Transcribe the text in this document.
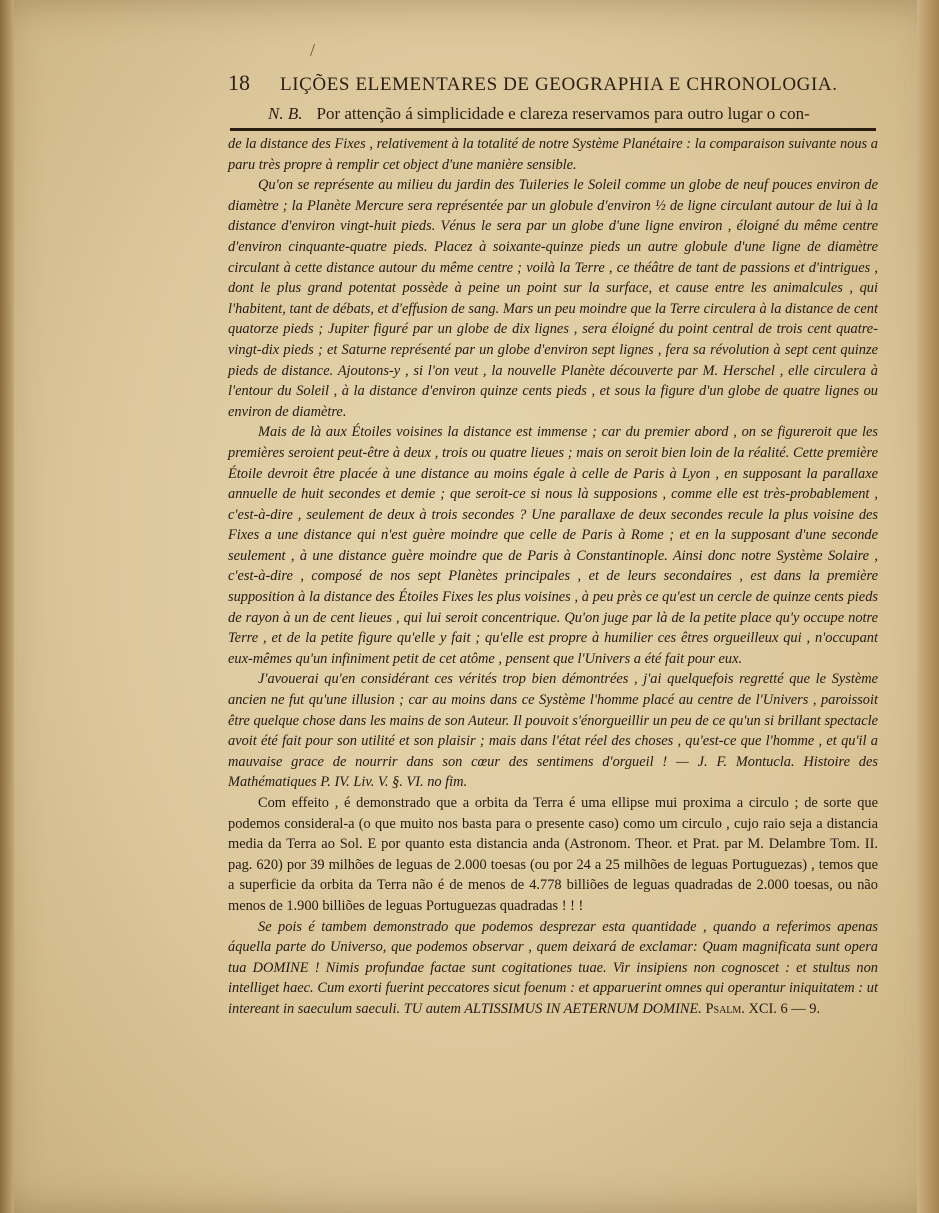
/
18	LIÇÕES ELEMENTARES DE GEOGRAPHIA E CHRONOLOGIA.
N. B. Por attenção á simplicidade e clareza reservamos para outro lugar o con-

de la distance des Fixes , relativement à la totalité de notre Système Planétaire : la comparaison suivante nous a paru très propre à remplir cet object d'une manière sensible.

Qu'on se représente au milieu du jardin des Tuileries le Soleil comme un globe de neuf pouces environ de diamètre ; la Planète Mercure sera représentée par un globule d'environ ½ de ligne circulant autour de lui à la distance d'environ vingt-huit pieds. Vénus le sera par un globe d'une ligne environ , éloigné du même centre d'environ cinquante-quatre pieds. Placez à soixante-quinze pieds un autre globule d'une ligne de diamètre circulant à cette distance autour du même centre ; voilà la Terre , ce théâtre de tant de passions et d'intrigues , dont le plus grand potentat possède à peine un point sur la surface, et cause entre les animalcules , qui l'habitent, tant de débats, et d'effusion de sang. Mars un peu moindre que la Terre circulera à la distance de cent quatorze pieds ; Jupiter figuré par un globe de dix lignes , sera éloigné du point central de trois cent quatre-vingt-dix pieds ; et Saturne représenté par un globe d'environ sept lignes , fera sa révolution à sept cent quinze pieds de distance. Ajoutons-y , si l'on veut , la nouvelle Planète découverte par M. Herschel , elle circulera à l'entour du Soleil , à la distance d'environ quinze cents pieds , et sous la figure d'un globe de quatre lignes ou environ de diamètre.

Mais de là aux Étoiles voisines la distance est immense ; car du premier abord , on se figureroit que les premières seroient peut-être à deux , trois ou quatre lieues ; mais on seroit bien loin de la réalité. Cette première Étoile devroit être placée à une distance au moins égale à celle de Paris à Lyon , en supposant la parallaxe annuelle de huit secondes et demie ; que seroit-ce si nous là supposions , comme elle est très-probablement , c'est-à-dire , seulement de deux à trois secondes ? Une parallaxe de deux secondes recule la plus voisine des Fixes a une distance qui n'est guère moindre que celle de Paris à Rome ; et en la supposant d'une seconde seulement , à une distance guère moindre que de Paris à Constantinople. Ainsi donc notre Système Solaire , c'est-à-dire , composé de nos sept Planètes principales , et de leurs secondaires , est dans la première supposition à la distance des Étoiles Fixes les plus voisines , à peu près ce qu'est un cercle de quinze cents pieds de rayon à un de cent lieues , qui lui seroit concentrique. Qu'on juge par là de la petite place qu'y occupe notre Terre , et de la petite figure qu'elle y fait ; qu'elle est propre à humilier ces êtres orgueilleux qui , n'occupant eux-mêmes qu'un infiniment petit de cet atôme , pensent que l'Univers a été fait pour eux.

J'avouerai qu'en considérant ces vérités trop bien démontrées , j'ai quelquefois regretté que le Système ancien ne fut qu'une illusion ; car au moins dans ce Système l'homme placé au centre de l'Univers , paroissoit être quelque chose dans les mains de son Auteur. Il pouvoit s'énorgueillir un peu de ce qu'un si brillant spectacle avoit été fait pour son utilité et son plaisir ; mais dans l'état réel des choses , qu'est-ce que l'homme , et qu'il a mauvaise grace de nourrir dans son cœur des sentimens d'orgueil ! — J. F. Montucla. Histoire des Mathématiques P. IV. Liv. V. §. VI. no fim.

Com effeito , é demonstrado que a orbita da Terra é uma ellipse mui proxima a circulo ; de sorte que podemos consideral-a (o que muito nos basta para o presente caso) como um circulo , cujo raio seja a distancia media da Terra ao Sol. E por quanto esta distancia anda (Astronom. Theor. et Prat. par M. Delambre Tom. II. pag. 620) por 39 milhões de leguas de 2.000 toesas (ou por 24 a 25 milhões de leguas Portuguezas) , temos que a superficie da orbita da Terra não é de menos de 4.778 billiões de leguas quadradas de 2.000 toesas, ou não menos de 1.900 billiões de leguas Portuguezas quadradas ! ! !

Se pois é tambem demonstrado que podemos desprezar esta quantidade , quando a referimos apenas áquella parte do Universo, que podemos observar , quem deixará de exclamar: Quam magnificata sunt opera tua DOMINE ! Nimis profundae factae sunt cogitationes tuae. Vir insipiens non cognoscet : et stultus non intelliget haec. Cum exorti fuerint peccatores sicut foenum : et apparuerint omnes qui operantur iniquitatem : ut intereant in saeculum saeculi. TU autem ALTISSIMUS IN AETERNUM DOMINE. Psalm. XCI. 6 — 9.
